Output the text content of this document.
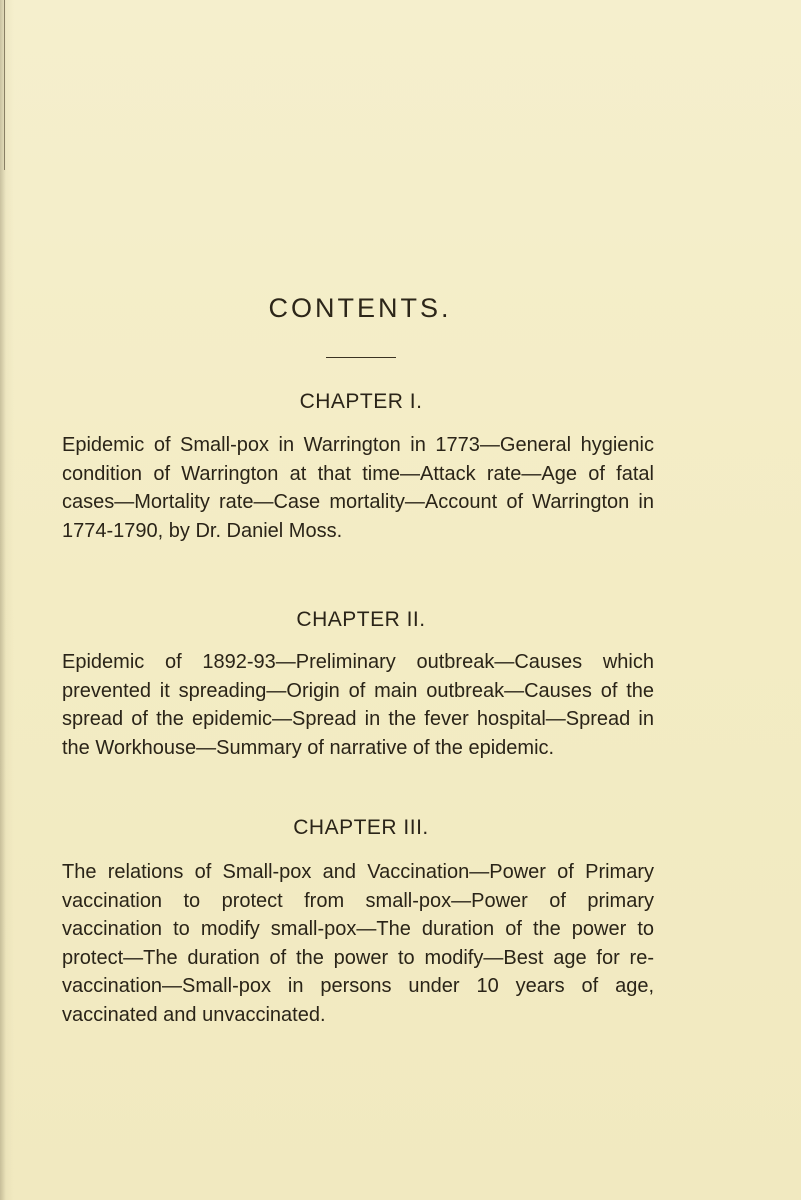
CONTENTS.
CHAPTER I.
Epidemic of Small-pox in Warrington in 1773—General hygienic condition of Warrington at that time—Attack rate—Age of fatal cases—Mortality rate—Case mortality—Account of Warrington in 1774-1790, by Dr. Daniel Moss.
CHAPTER II.
Epidemic of 1892-93—Preliminary outbreak—Causes which prevented it spreading—Origin of main outbreak—Causes of the spread of the epidemic—Spread in the fever hospital—Spread in the Workhouse—Summary of narrative of the epidemic.
CHAPTER III.
The relations of Small-pox and Vaccination—Power of Primary vaccination to protect from small-pox—Power of primary vaccination to modify small-pox—The duration of the power to protect—The duration of the power to modify—Best age for re-vaccination—Small-pox in persons under 10 years of age, vaccinated and unvaccinated.
